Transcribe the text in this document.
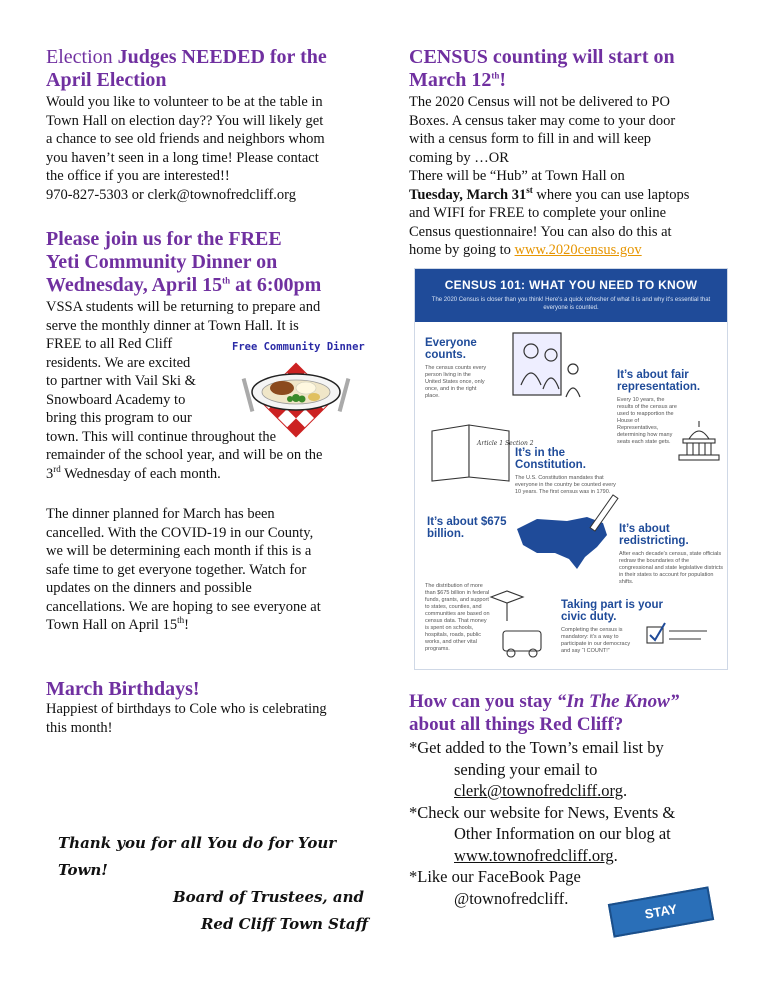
Election Judges NEEDED for the
April Election
Would you like to volunteer to be at the table in
Town Hall on election day?? You will likely get
a chance to see old friends and neighbors whom
you haven’t seen in a long time! Please contact
the office if you are interested!!
970-827-5303 or clerk@townofredcliff.org
Please join us for the FREE
Yeti Community Dinner on
Wednesday, April 15th at 6:00pm
VSSA students will be returning to prepare and
serve the monthly dinner at Town Hall. It is
FREE to all Red Cliff
residents. We are excited
to partner with Vail Ski &
Snowboard Academy to
bring this program to our
town. This will continue throughout the
remainder of the school year, and will be on the
3rd Wednesday of each month.
Free Community Dinner
The dinner planned for March has been
cancelled. With the COVID-19 in our County,
we will be determining each month if this is a
safe time to get everyone together. Watch for
updates on the dinners and possible
cancellations. We are hoping to see everyone at
Town Hall on April 15th!
March Birthdays!
Happiest of birthdays to Cole who is celebrating
this month!
Thank you for all You do for Your Town!
Board of Trustees, and
Red Cliff Town Staff
CENSUS counting will start on
March 12th!
The 2020 Census will not be delivered to PO
Boxes. A census taker may come to your door
with a census form to fill in and will keep
coming by …OR
There will be “Hub” at Town Hall on
Tuesday, March 31st where you can use laptops
and WIFI for FREE to complete your online
Census questionnaire! You can also do this at
home by going to www.2020census.gov
CENSUS 101: WHAT YOU NEED TO KNOW
The 2020 Census is closer than you think! Here's a quick refresher of what it is and why it's essential that everyone is counted.
Everyone counts.
The census counts every person living in the United States once, only once, and in the right place.
It’s about fair representation.
Every 10 years, the results of the census are used to reapportion the House of Representatives, determining how many seats each state gets.
Article 1 Section 2
It’s in the Constitution.
The U.S. Constitution mandates that everyone in the country be counted every 10 years. The first census was in 1790.
It’s about $675 billion.	It’s about redistricting.
After each decade's census, state officials redraw the boundaries of the congressional and state legislative districts in their states to account for population shifts.
The distribution of more than $675 billion in federal funds, grants, and support to states, counties, and communities are based on census data. That money is spent on schools, hospitals, roads, public works, and other vital programs.
Taking part is your civic duty.
Completing the census is mandatory: it's a way to participate in our democracy and say “I COUNT!”
How can you stay “In The Know”
about all things Red Cliff?
*Get added to the Town’s email list by
sending your email to
clerk@townofredcliff.org.
*Check our website for News, Events &
Other Information on our blog at
www.townofredcliff.org.
*Like our FaceBook Page
@townofredcliff.
STAY INFORMED
